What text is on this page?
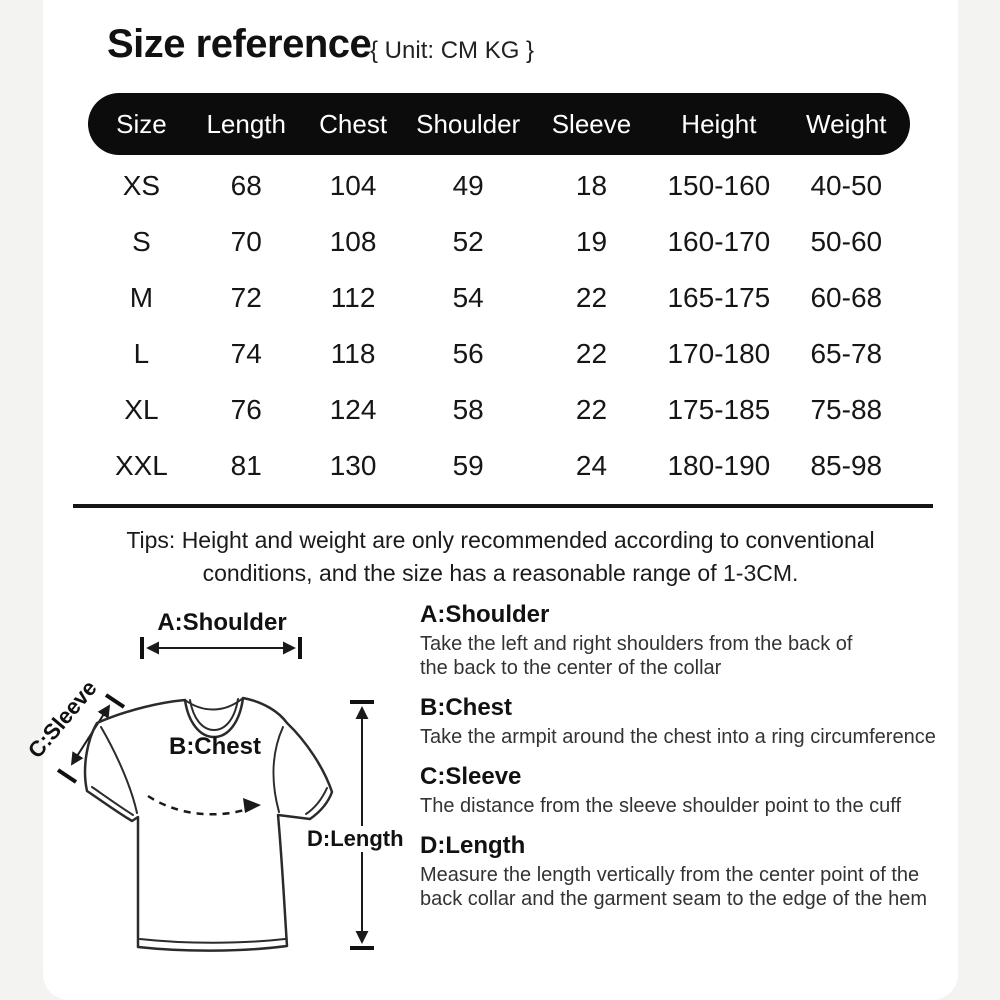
Size reference
{ Unit: CM KG }
Size	Length	Chest	Shoulder	Sleeve	Height	Weight
XS	68	104	49	18	150-160	40-50
S	70	108	52	19	160-170	50-60
M	72	112	54	22	165-175	60-68
L	74	118	56	22	170-180	65-78
XL	76	124	58	22	175-185	75-88
XXL	81	130	59	24	180-190	85-98
Tips: Height and weight are only recommended according to conventional
conditions, and the size has a reasonable range of 1-3CM.
A:Shoulder
C:Sleeve	B:Chest
D:Length
A:Shoulder
Take the left and right shoulders from the back of
the back to the center of the collar
B:Chest
Take the armpit around the chest into a ring circumference
C:Sleeve
The distance from the sleeve shoulder point to the cuff
D:Length
Measure the length vertically from the center point of the
back collar and the garment seam to the edge of the hem
